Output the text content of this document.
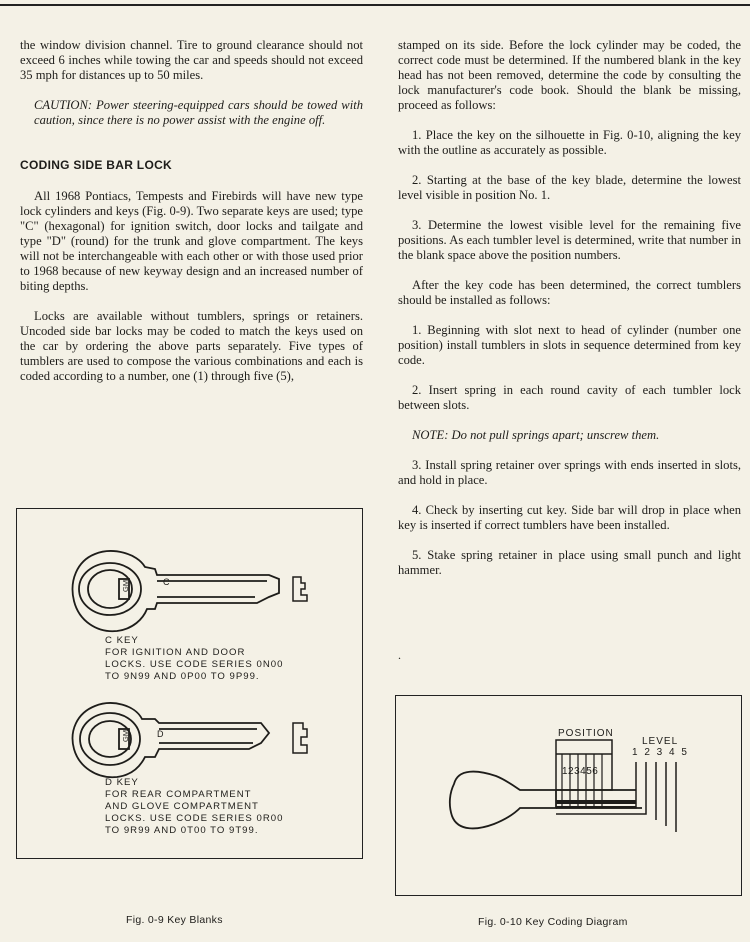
the window division channel. Tire to ground clearance should not exceed 6 inches while towing the car and speeds should not exceed 35 mph for distances up to 50 miles.

CAUTION: Power steering-equipped cars should be towed with caution, since there is no power assist with the engine off.

CODING SIDE BAR LOCK

All 1968 Pontiacs, Tempests and Firebirds will have new type lock cylinders and keys (Fig. 0-9). Two separate keys are used; type "C" (hexagonal) for ignition switch, door locks and tailgate and type "D" (round) for the trunk and glove compartment. The keys will not be interchangeable with each other or with those used prior to 1968 because of new keyway design and an increased number of biting depths.

Locks are available without tumblers, springs or retainers. Uncoded side bar locks may be coded to match the keys used on the car by ordering the above parts separately. Five types of tumblers are used to compose the various combinations and each is coded according to a number, one (1) through five (5),

stamped on its side. Before the lock cylinder may be coded, the correct code must be determined. If the numbered blank in the key head has not been removed, determine the code by consulting the lock manufacturer's code book. Should the blank be missing, proceed as follows:

1. Place the key on the silhouette in Fig. 0-10, aligning the key with the outline as accurately as possible.

2. Starting at the base of the key blade, determine the lowest level visible in position No. 1.

3. Determine the lowest visible level for the remaining five positions. As each tumbler level is determined, write that number in the blank space above the position numbers.

After the key code has been determined, the correct tumblers should be installed as follows:

1. Beginning with slot next to head of cylinder (number one position) install tumblers in slots in sequence determined from key code.

2. Insert spring in each round cavity of each tumbler lock between slots.

NOTE: Do not pull springs apart; unscrew them.

3. Install spring retainer over springs with ends inserted in slots, and hold in place.

4. Check by inserting cut key. Side bar will drop in place when key is inserted if correct tumblers have been installed.

5. Stake spring retainer in place using small punch and light hammer.

.
GM	C
GM	D
C KEY
FOR IGNITION AND DOOR
LOCKS. USE CODE SERIES 0N00
TO 9N99 AND 0P00 TO 9P99.
D KEY
FOR REAR COMPARTMENT
AND GLOVE COMPARTMENT
LOCKS. USE CODE SERIES 0R00
TO 9R99 AND 0T00 TO 9T99.
Fig. 0-9 Key Blanks
POSITION
LEVEL
1 2 3 4 5
123456
Fig. 0-10 Key Coding Diagram
